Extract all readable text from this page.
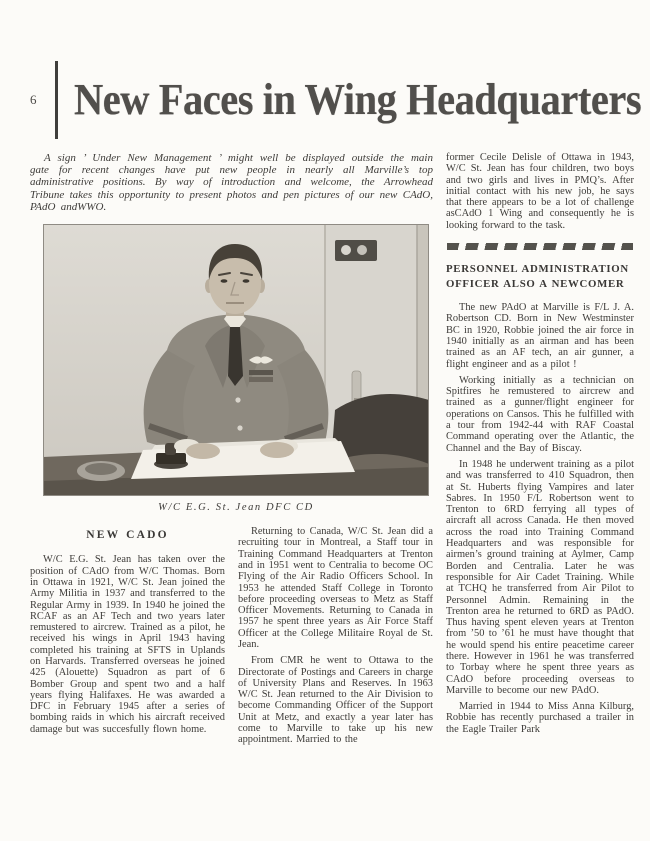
6 New Faces in Wing Headquarters

A sign ’ Under New Management ’ might well be displayed outside the main gate for recent changes have put new people in nearly all Marville’s top administrative positions. By way of introduction and welcome, the Arrowhead Tribune takes this opportunity to present photos and pen pictures of our new CAdO, PAdO andWWO.

W/C E.G. St. Jean DFC CD
NEW CADO

W/C E.G. St. Jean has taken over the position of CAdO from W/C Thomas. Born in Ottawa in 1921, W/C St. Jean joined the Army Militia in 1937 and transferred to the Regular Army in 1939. In 1940 he joined the RCAF as an AF Tech and two years later remustered to aircrew. Trained as a pilot, he received his wings in April 1943 having completed his training at SFTS in Uplands on Harvards. Transferred overseas he joined 425 (Alouette) Squadron as part of 6 Bomber Group and spent two and a half years flying Halifaxes. He was awarded a DFC in February 1945 after a series of bombing raids in which his aircraft received damage but was succesfully flown home.

Returning to Canada, W/C St. Jean did a recruiting tour in Montreal, a Staff tour in Training Command Headquarters at Trenton and in 1951 went to Centralia to become OC Flying of the Air Radio Officers School. In 1953 he attended Staff College in Toronto before proceeding overseas to Metz as Staff Officer Movements. Returning to Canada in 1957 he spent three years as Air Force Staff Officer at the College Militaire Royal de St. Jean.

From CMR he went to Ottawa to the Directorate of Postings and Careers in charge of University Plans and Reserves. In 1963 W/C St. Jean returned to the Air Division to become Commanding Officer of the Support Unit at Metz, and exactly a year later has come to Marville to take up his new appointment. Married to the

former Cecile Delisle of Ottawa in 1943, W/C St. Jean has four children, two boys and two girls and lives in PMQ’s. After initial contact with his new job, he says that there appears to be a lot of challenge asCAdO 1 Wing and consequently he is looking forward to the task.

PERSONNEL ADMINISTRATION OFFICER ALSO A NEWCOMER

The new PAdO at Marville is F/L J. A. Robertson CD. Born in New Westminster BC in 1920, Robbie joined the air force in 1940 initially as an airman and has been trained as an AF tech, an air gunner, a flight engineer and as a pilot !

Working initially as a technician on Spitfires he remustered to aircrew and trained as a gunner/flight engineer for operations on Cansos. This he fulfilled with a tour from 1942-44 with RAF Coastal Command operating over the Atlantic, the Channel and the Bay of Biscay.

In 1948 he underwent training as a pilot and was transferred to 410 Squadron, then at St. Huberts flying Vampires and later Sabres. In 1950 F/L Robertson went to Trenton to 6RD ferrying all types of aircraft all across Canada. He then moved across the road into Training Command Headquarters and was responsible for airmen’s ground training at Aylmer, Camp Borden and Centralia. Later he was responsible for Air Cadet Training. While at TCHQ he transferred from Air Pilot to Personnel Admin. Remaining in the Trenton area he returned to 6RD as PAdO. Thus having spent eleven years at Trenton from ’50 to ’61 he must have thought that he would spend his entire peacetime career there. However in 1961 he was transferred to Torbay where he spent three years as CAdO before proceeding overseas to Marville to become our new PAdO.

Married in 1944 to Miss Anna Kilburg, Robbie has recently purchased a trailer in the Eagle Trailer Park
